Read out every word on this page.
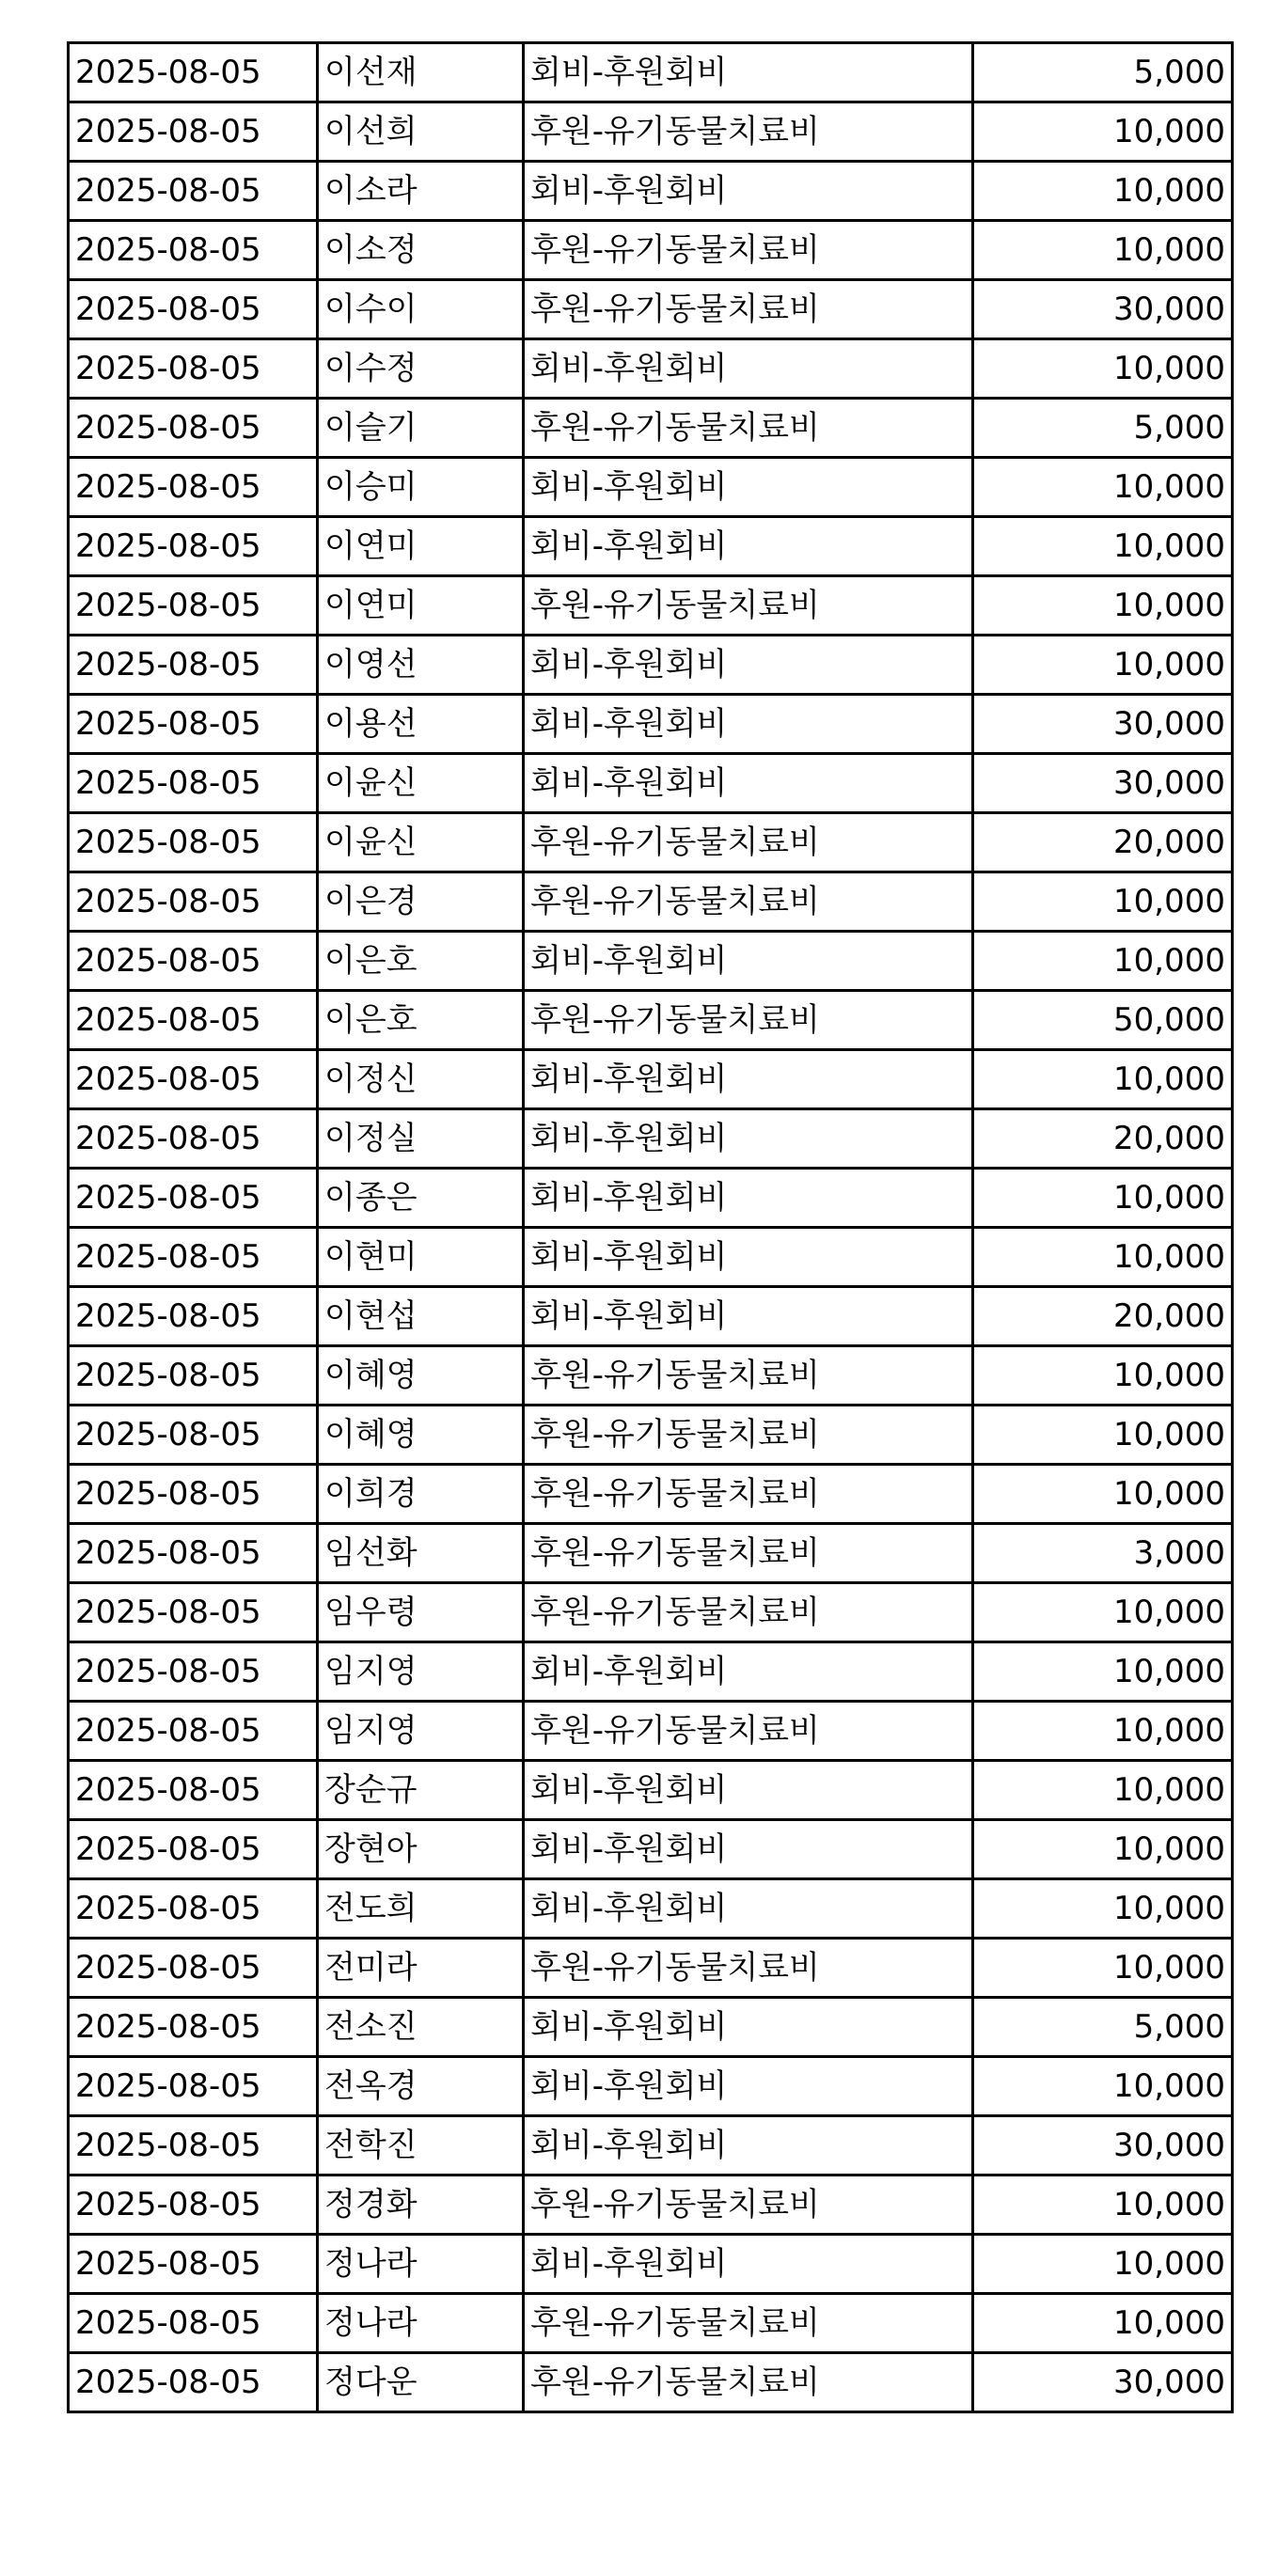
2025-08-05	이선재	회비-후원회비	5,000
2025-08-05	이선희	후원-유기동물치료비	10,000
2025-08-05	이소라	회비-후원회비	10,000
2025-08-05	이소정	후원-유기동물치료비	10,000
2025-08-05	이수이	후원-유기동물치료비	30,000
2025-08-05	이수정	회비-후원회비	10,000
2025-08-05	이슬기	후원-유기동물치료비	5,000
2025-08-05	이승미	회비-후원회비	10,000
2025-08-05	이연미	회비-후원회비	10,000
2025-08-05	이연미	후원-유기동물치료비	10,000
2025-08-05	이영선	회비-후원회비	10,000
2025-08-05	이용선	회비-후원회비	30,000
2025-08-05	이윤신	회비-후원회비	30,000
2025-08-05	이윤신	후원-유기동물치료비	20,000
2025-08-05	이은경	후원-유기동물치료비	10,000
2025-08-05	이은호	회비-후원회비	10,000
2025-08-05	이은호	후원-유기동물치료비	50,000
2025-08-05	이정신	회비-후원회비	10,000
2025-08-05	이정실	회비-후원회비	20,000
2025-08-05	이종은	회비-후원회비	10,000
2025-08-05	이현미	회비-후원회비	10,000
2025-08-05	이현섭	회비-후원회비	20,000
2025-08-05	이혜영	후원-유기동물치료비	10,000
2025-08-05	이혜영	후원-유기동물치료비	10,000
2025-08-05	이희경	후원-유기동물치료비	10,000
2025-08-05	임선화	후원-유기동물치료비	3,000
2025-08-05	임우령	후원-유기동물치료비	10,000
2025-08-05	임지영	회비-후원회비	10,000
2025-08-05	임지영	후원-유기동물치료비	10,000
2025-08-05	장순규	회비-후원회비	10,000
2025-08-05	장현아	회비-후원회비	10,000
2025-08-05	전도희	회비-후원회비	10,000
2025-08-05	전미라	후원-유기동물치료비	10,000
2025-08-05	전소진	회비-후원회비	5,000
2025-08-05	전옥경	회비-후원회비	10,000
2025-08-05	전학진	회비-후원회비	30,000
2025-08-05	정경화	후원-유기동물치료비	10,000
2025-08-05	정나라	회비-후원회비	10,000
2025-08-05	정나라	후원-유기동물치료비	10,000
2025-08-05	정다운	후원-유기동물치료비	30,000
